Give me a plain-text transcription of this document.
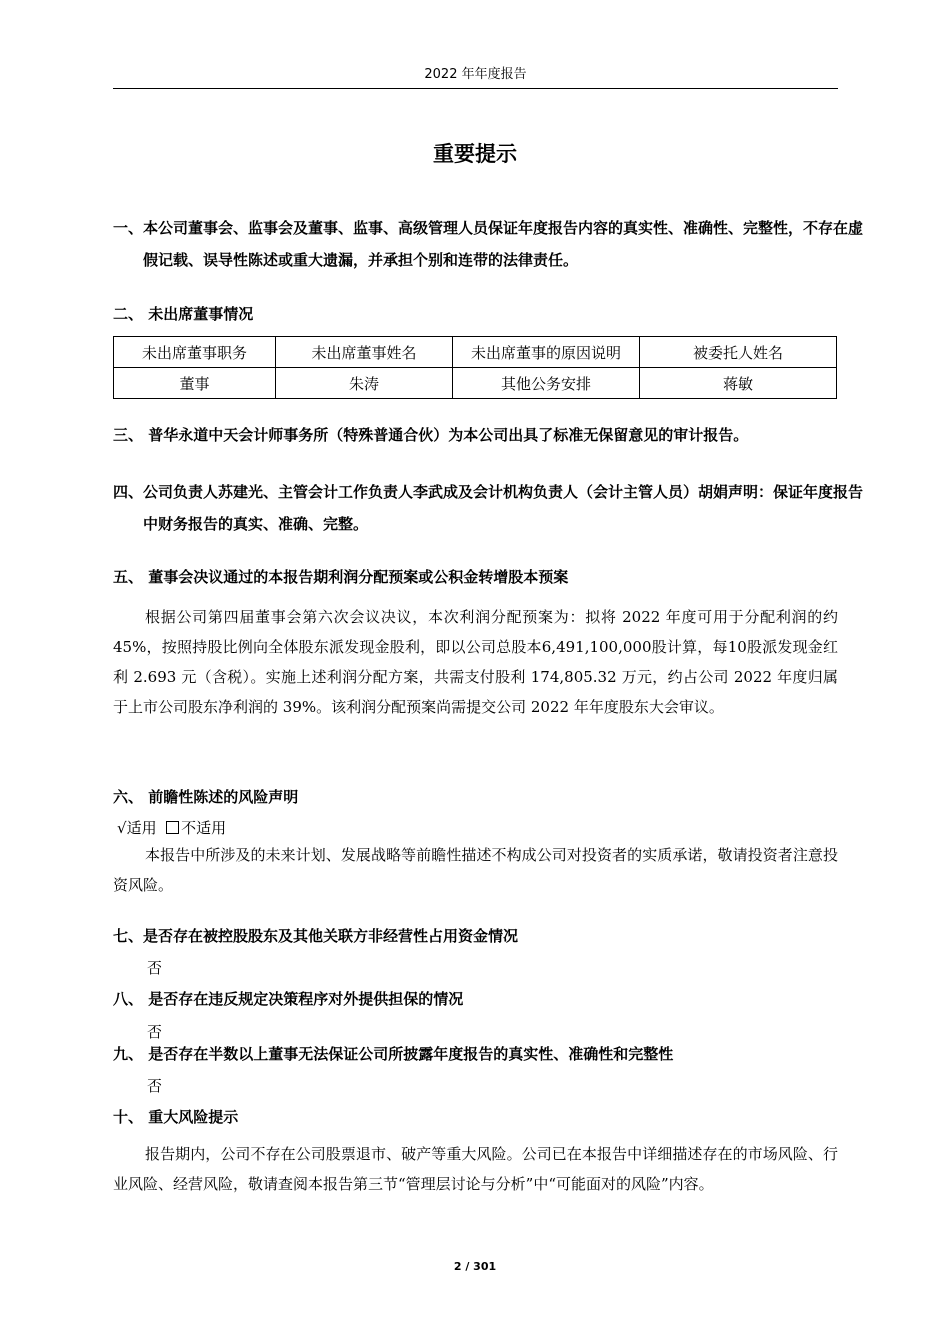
2022 年年度报告
重要提示

一、本公司董事会、监事会及董事、监事、高级管理人员保证年度报告内容的真实性、准确性、完整性，不存在虚假记载、误导性陈述或重大遗漏，并承担个别和连带的法律责任。

二、 未出席董事情况

未出席董事职务	未出席董事姓名	未出席董事的原因说明	被委托人姓名
董事	朱涛	其他公务安排	蒋敏

三、 普华永道中天会计师事务所（特殊普通合伙）为本公司出具了标准无保留意见的审计报告。

四、公司负责人苏建光、主管会计工作负责人李武成及会计机构负责人（会计主管人员）胡娟声明：保证年度报告中财务报告的真实、准确、完整。

五、 董事会决议通过的本报告期利润分配预案或公积金转增股本预案

根据公司第四届董事会第六次会议决议，本次利润分配预案为：拟将 2022 年度可用于分配利润的约45%，按照持股比例向全体股东派发现金股利，即以公司总股本6,491,100,000股计算，每10股派发现金红利 2.693 元（含税）。实施上述利润分配方案，共需支付股利 174,805.32 万元，约占公司 2022 年度归属于上市公司股东净利润的 39%。该利润分配预案尚需提交公司 2022 年年度股东大会审议。

六、 前瞻性陈述的风险声明

√适用 不适用

本报告中所涉及的未来计划、发展战略等前瞻性描述不构成公司对投资者的实质承诺，敬请投资者注意投资风险。

七、是否存在被控股股东及其他关联方非经营性占用资金情况

否

八、 是否存在违反规定决策程序对外提供担保的情况

否

九、 是否存在半数以上董事无法保证公司所披露年度报告的真实性、准确性和完整性

否

十、 重大风险提示

报告期内，公司不存在公司股票退市、破产等重大风险。公司已在本报告中详细描述存在的市场风险、行业风险、经营风险，敬请查阅本报告第三节“管理层讨论与分析”中“可能面对的风险”内容。

2 / 301
